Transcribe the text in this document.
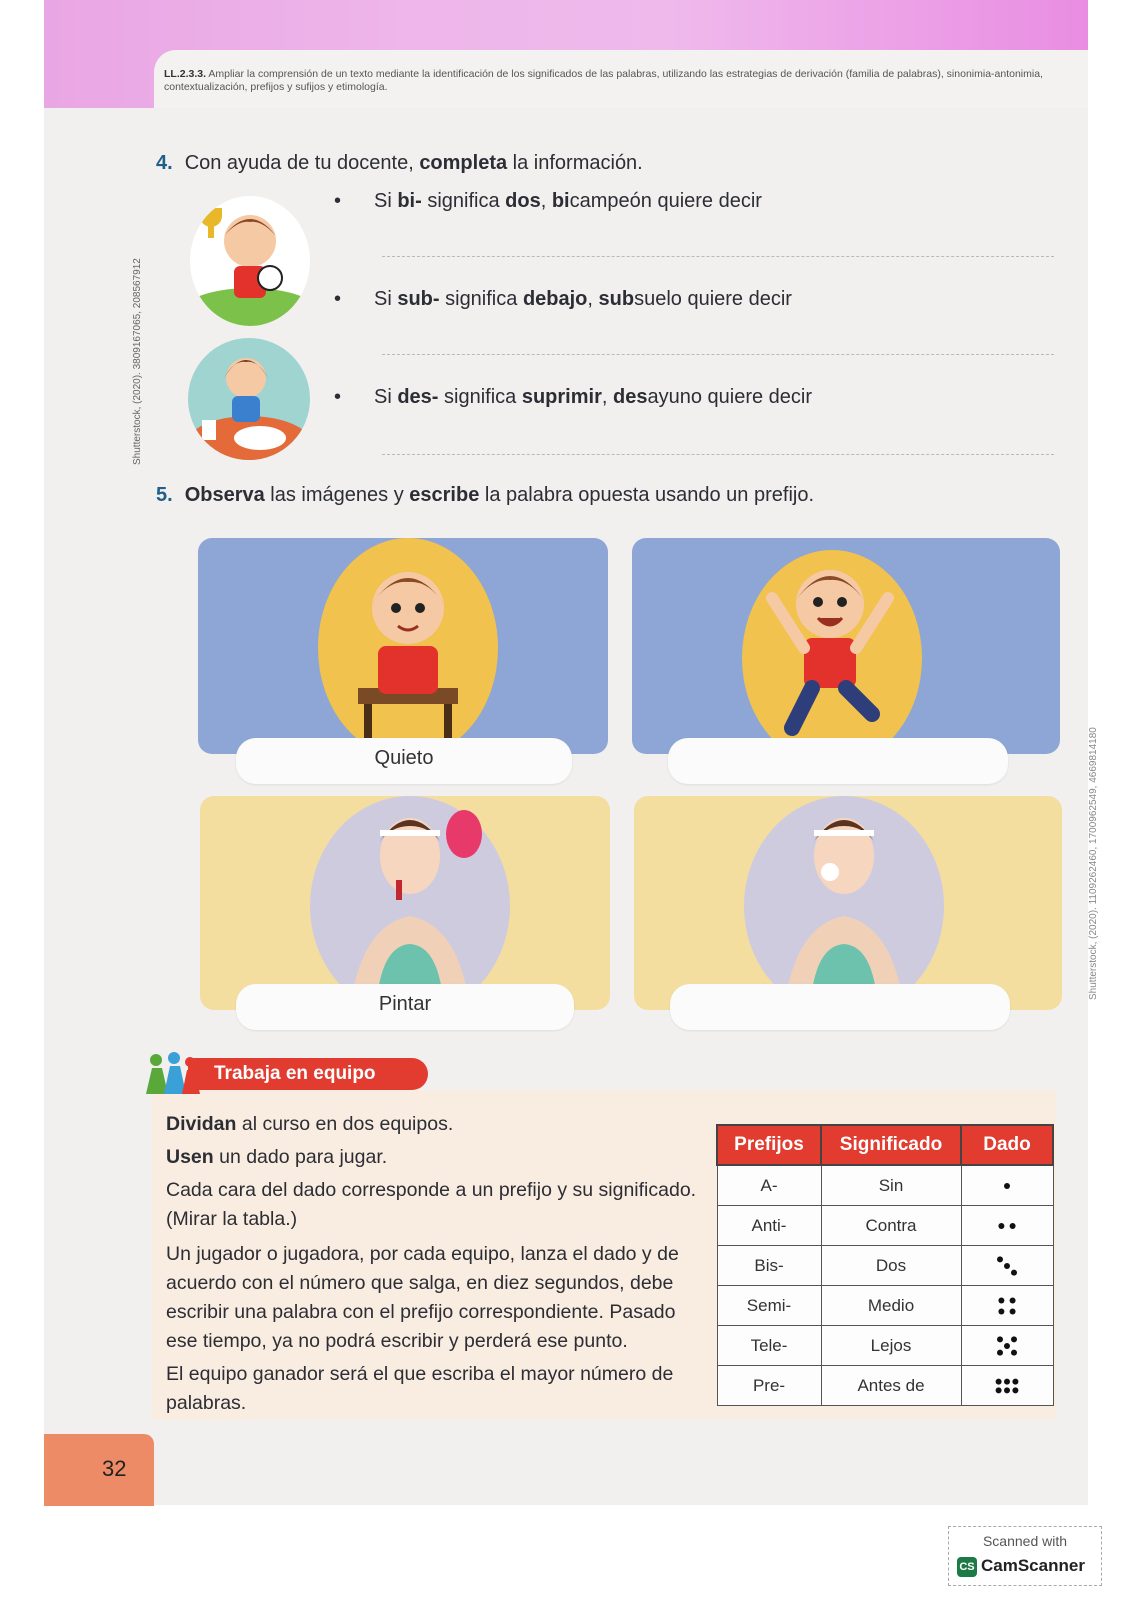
LL.2.3.3. Ampliar la comprensión de un texto mediante la identificación de los significados de las palabras, utilizando las estrategias de derivación (familia de palabras), sinonimia-antonimia, contextualización, prefijos y sufijos y etimología.
Shutterstock, (2020). 3809167065, 208567912
Shutterstock, (2020). 1109262460, 1700962549, 4669814180
4. Con ayuda de tu docente, completa la información.
Si bi- significa dos, bicampeón quiere decir
Si sub- significa debajo, subsuelo quiere decir
Si des- significa suprimir, desayuno quiere decir
5. Observa las imágenes y escribe la palabra opuesta usando un prefijo.
Quieto
Pintar
Trabaja en equipo
Dividan al curso en dos equipos.
Usen un dado para jugar.
Cada cara del dado corresponde a un prefijo y su significado. (Mirar la tabla.)
Un jugador o jugadora, por cada equipo, lanza el dado y de acuerdo con el número que salga, en diez segundos, debe escribir una palabra con el prefijo correspondiente. Pasado ese tiempo, ya no podrá escribir y perderá ese punto.
El equipo ganador será el que escriba el mayor número de palabras.
Prefijos	Significado	Dado
A-	Sin	

Anti-	Contra	

Bis-	Dos	

Semi-	Medio	

Tele-	Lejos	

Pre-	Antes de	
32
Scanned with
CS CamScanner
